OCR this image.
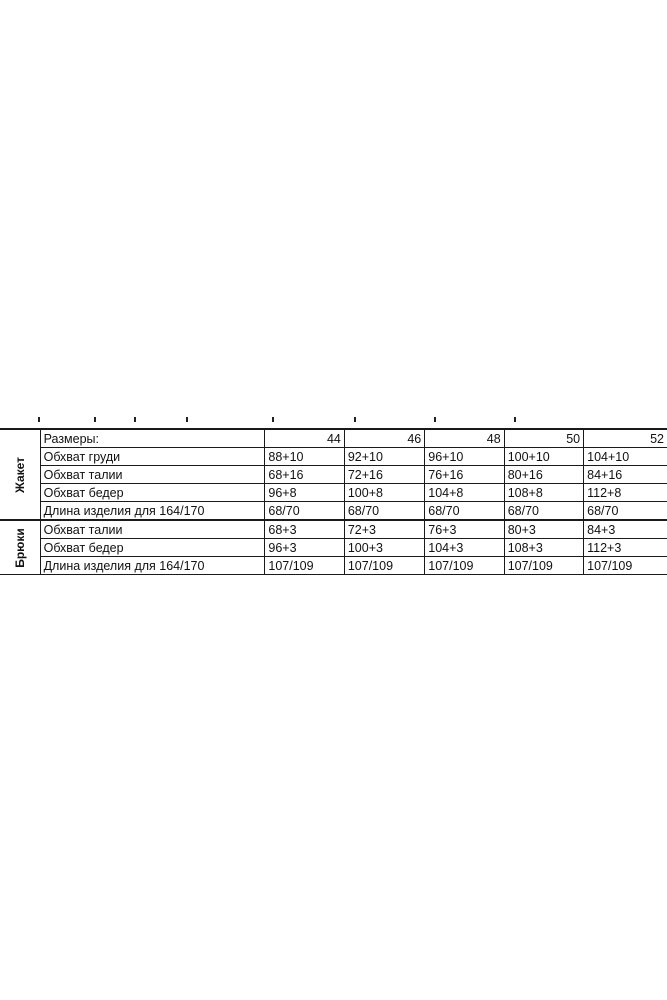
Жакет	Размеры:		44	46	48	50	52
	Обхват груди		88+10	92+10	96+10	100+10	104+10
	Обхват талии		68+16	72+16	76+16	80+16	84+16
	Обхват бедер		96+8	100+8	104+8	108+8	112+8
	Длина изделия для 164/170		68/70	68/70	68/70	68/70	68/70
Брюки	Обхват талии		68+3	72+3	76+3	80+3	84+3
	Обхват бедер		96+3	100+3	104+3	108+3	112+3
	Длина изделия для 164/170		107/109	107/109	107/109	107/109	107/109
